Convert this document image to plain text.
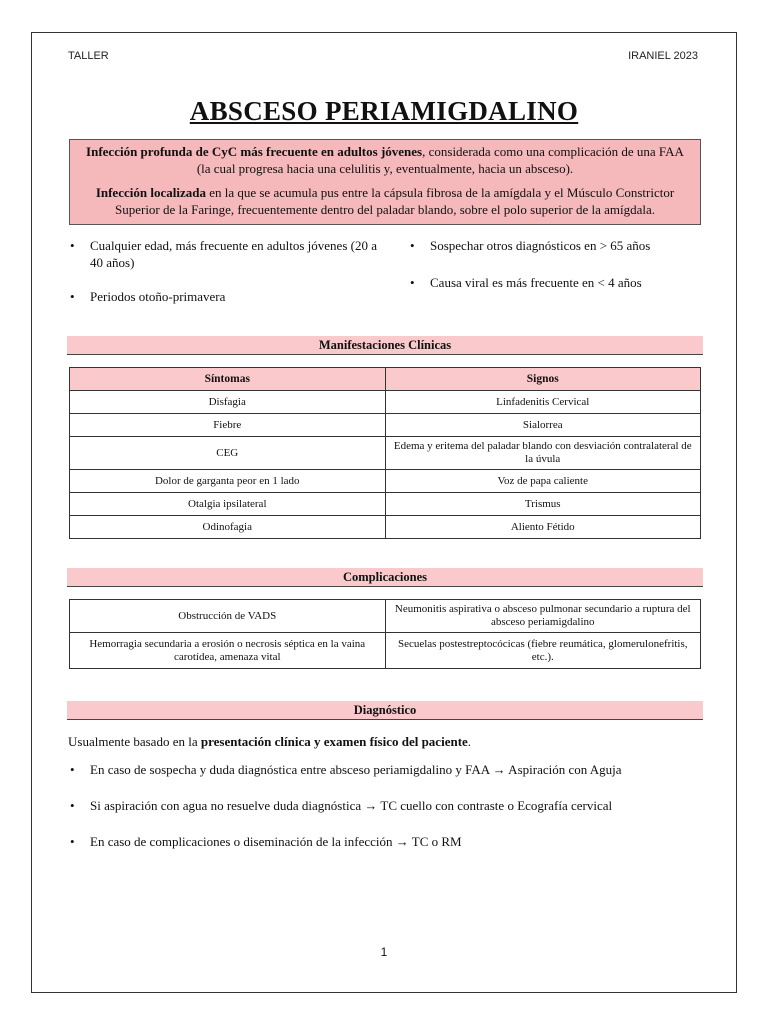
TALLER	IRANIEL 2023
ABSCESO PERIAMIGDALINO

Infección profunda de CyC más frecuente en adultos jóvenes, considerada como una complicación de una FAA (la cual progresa hacia una celulitis y, eventualmente, hacia un absceso).

Infección localizada en la que se acumula pus entre la cápsula fibrosa de la amígdala y el Músculo Constrictor Superior de la Faringe, frecuentemente dentro del paladar blando, sobre el polo superior de la amígdala.

• Cualquier edad, más frecuente en adultos jóvenes (20 a 40 años)
• Periodos otoño-primavera
• Sospechar otros diagnósticos en > 65 años
• Causa viral es más frecuente en < 4 años
Manifestaciones Clínicas
Síntomas	Signos
Disfagia	Linfadenitis Cervical
Fiebre	Sialorrea
CEG	Edema y eritema del paladar blando con desviación contralateral de la úvula
Dolor de garganta peor en 1 lado	Voz de papa caliente
Otalgia ipsilateral	Trismus
Odinofagia	Aliento Fétido
Complicaciones
Obstrucción de VADS	Neumonitis aspirativa o absceso pulmonar secundario a ruptura del absceso periamigdalino
Hemorragia secundaria a erosión o necrosis séptica en la vaina carotídea, amenaza vital	Secuelas postestreptocócicas (fiebre reumática, glomerulonefritis, etc.).
Diagnóstico
Usualmente basado en la presentación clínica y examen físico del paciente.
• En caso de sospecha y duda diagnóstica entre absceso periamigdalino y FAA → Aspiración con Aguja
• Si aspiración con agua no resuelve duda diagnóstica → TC cuello con contraste o Ecografía cervical
• En caso de complicaciones o diseminación de la infección → TC o RM
1
